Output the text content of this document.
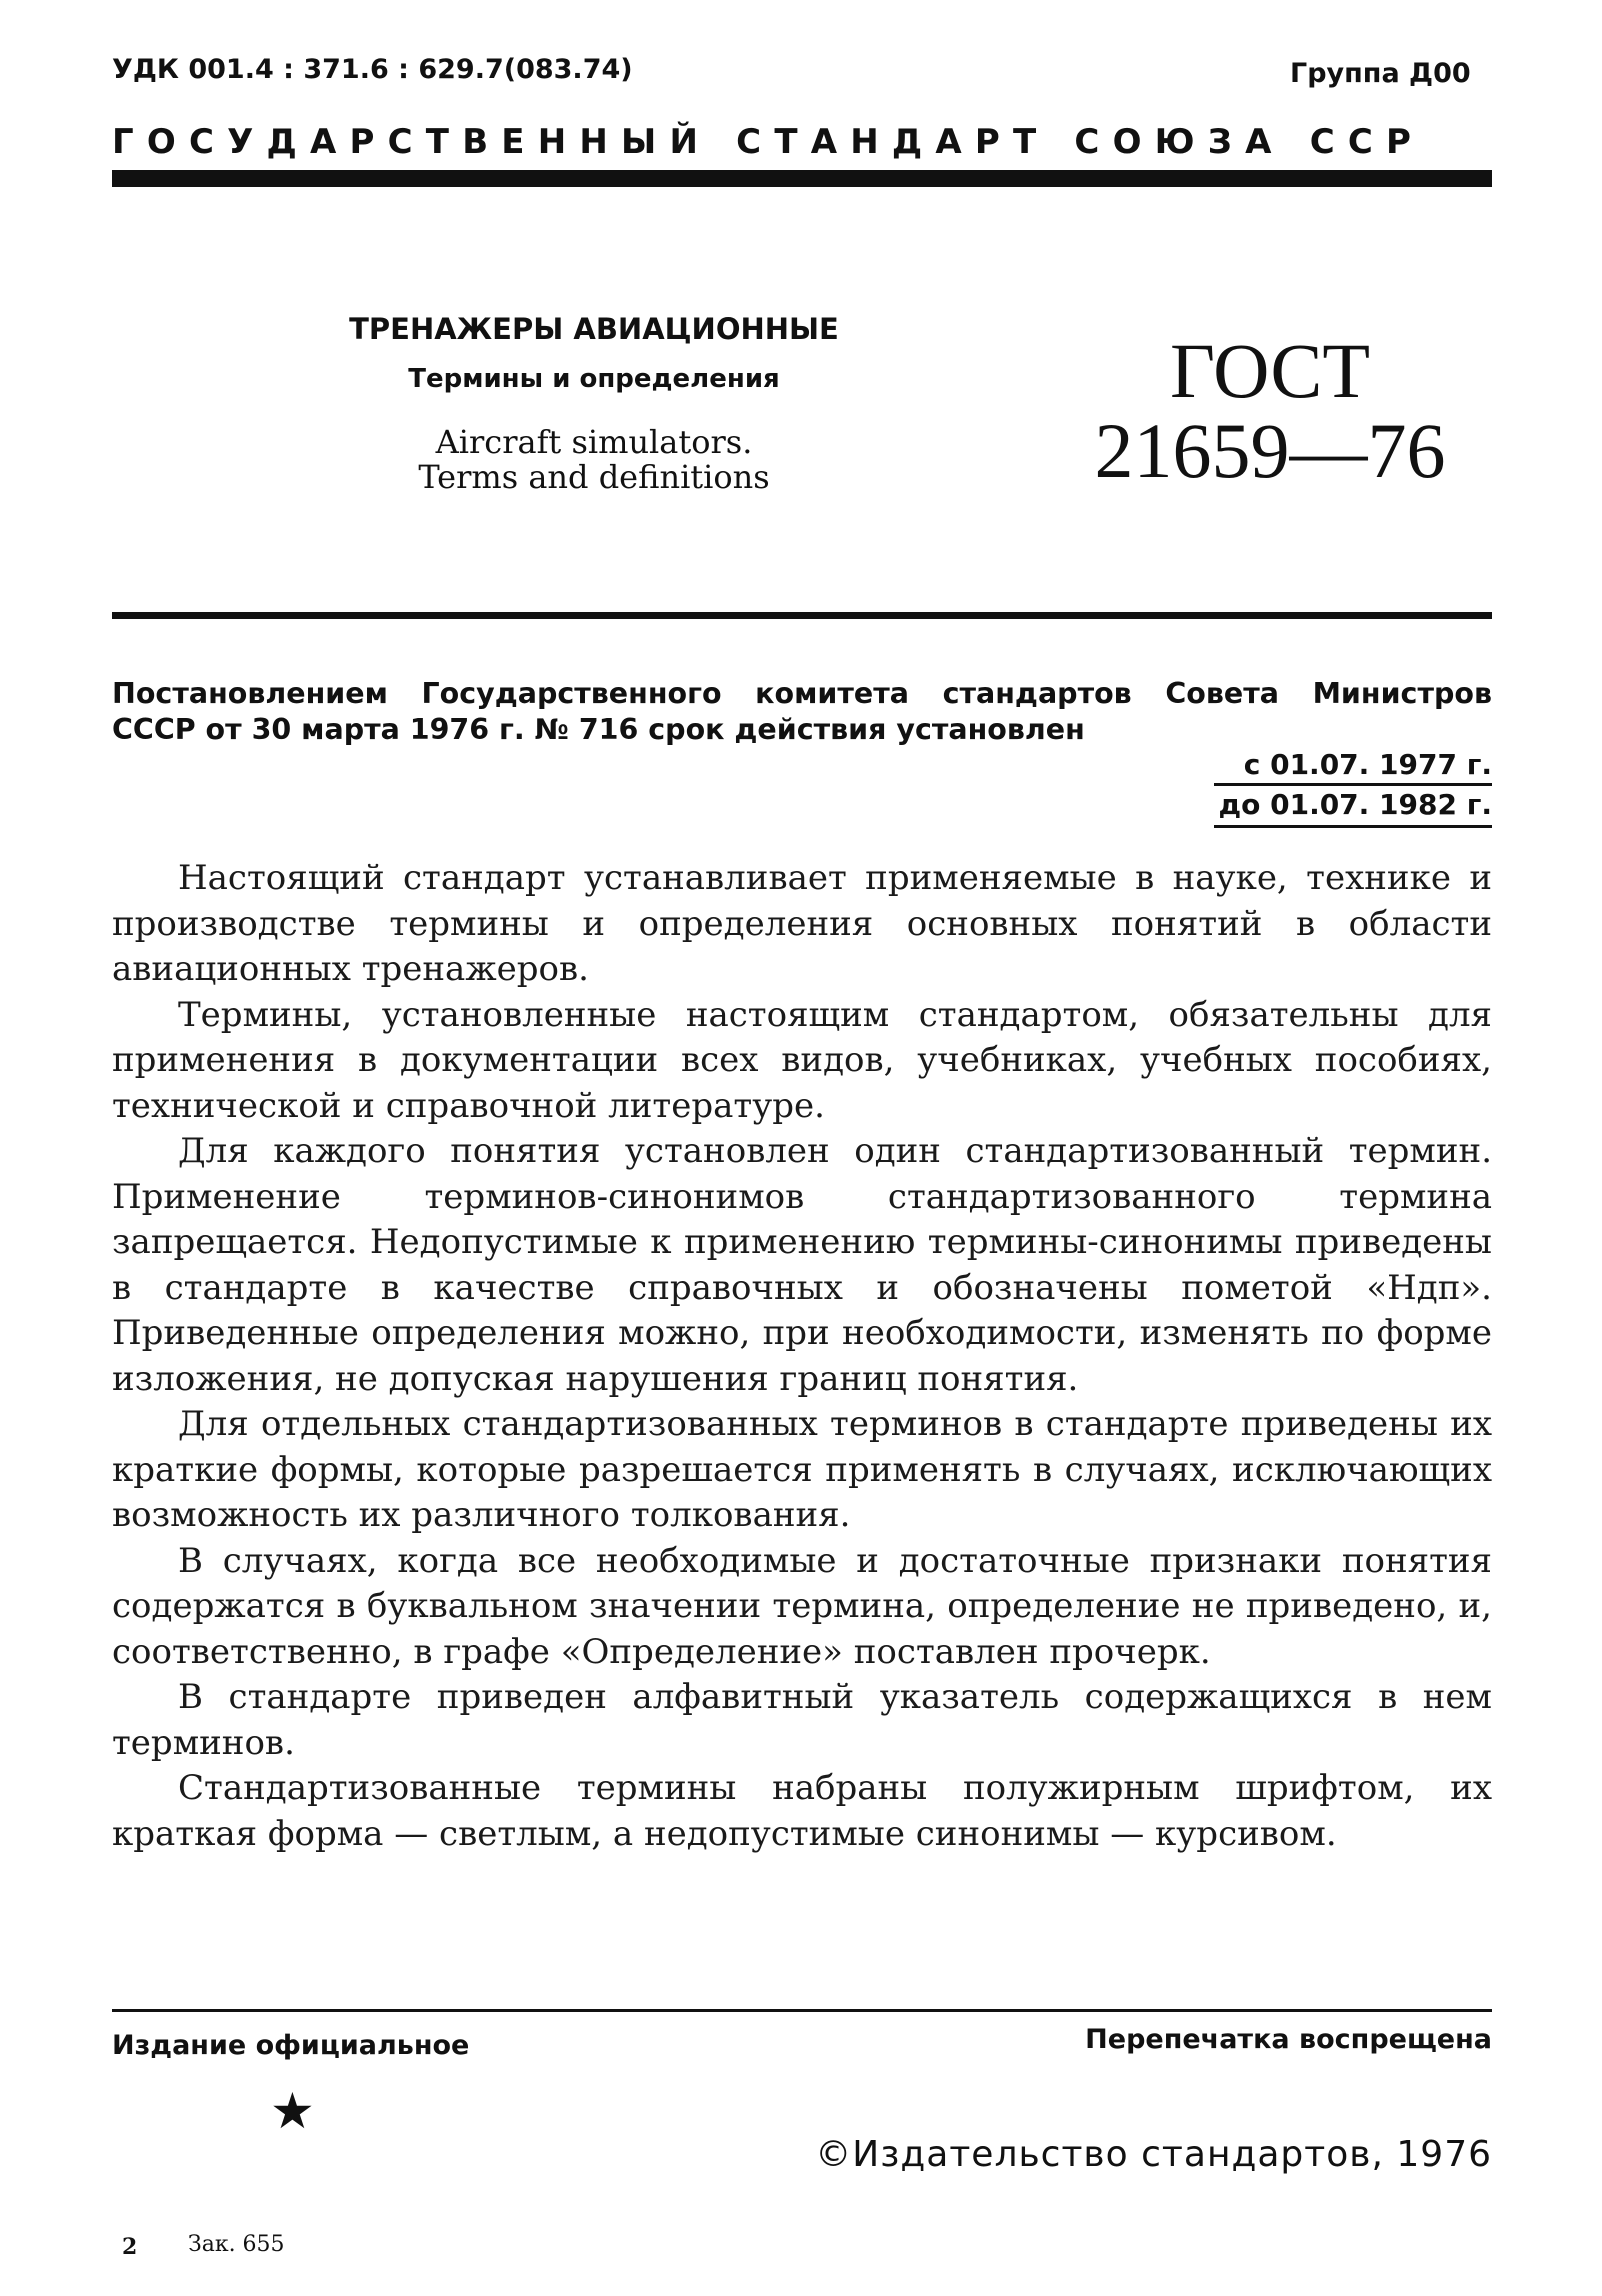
УДК 001.4 : 371.6 : 629.7(083.74)	Группа Д00
ГОСУДАРСТВЕННЫЙ СТАНДАРТ СОЮЗА ССР
ТРЕНАЖЕРЫ АВИАЦИОННЫЕ
Термины и определения
Aircraft simulators.
Terms and definitions
ГОСТ
21659—76
Постановлением Государственного комитета стандартов Совета Министров
СССР от 30 марта 1976 г. № 716 срок действия установлен
с 01.07. 1977 г.
до 01.07. 1982 г.

Настоящий стандарт устанавливает применяемые в науке, технике и производстве термины и определения основных понятий в области авиационных тренажеров.

Термины, установленные настоящим стандартом, обязательны для применения в документации всех видов, учебниках, учебных пособиях, технической и справочной литературе.

Для каждого понятия установлен один стандартизованный термин. Применение терминов-синонимов стандартизованного термина запрещается. Недопустимые к применению термины-синонимы приведены в стандарте в качестве справочных и обозначены пометой «Ндп». Приведенные определения можно, при необходимости, изменять по форме изложения, не допуская нарушения границ понятия.

Для отдельных стандартизованных терминов в стандарте приведены их краткие формы, которые разрешается применять в случаях, исключающих возможность их различного толкования.

В случаях, когда все необходимые и достаточные признаки понятия содержатся в буквальном значении термина, определение не приведено, и, соответственно, в графе «Определение» поставлен прочерк.

В стандарте приведен алфавитный указатель содержащихся в нем терминов.

Стандартизованные термины набраны полужирным шрифтом, их краткая форма — светлым, а недопустимые синонимы — курсивом.

Издание официальное	Перепечатка воспрещена
★
©Издательство стандартов, 1976
2 Зак. 655
